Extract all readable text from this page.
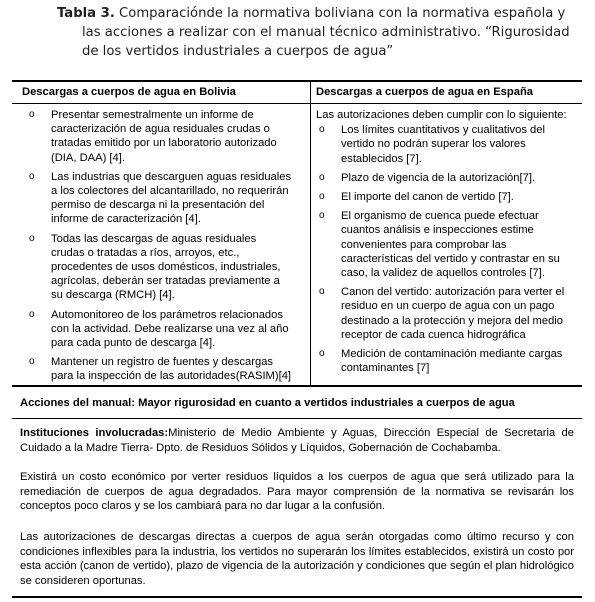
Tabla 3. Comparaciónde la normativa boliviana con la normativa española y
las acciones a realizar con el manual técnico administrativo. “Rigurosidad
de los vertidos industriales a cuerpos de agua”
Descargas a cuerpos de agua en Bolivia	Descargas a cuerpos de agua en España
o Presentar semestralmente un informe de
caracterización de agua residuales crudas o
tratadas emitido por un laboratorio autorizado
(DIA, DAA) [4].
o Las industrias que descarguen aguas residuales
a los colectores del alcantarillado, no requerirán
permiso de descarga ni la presentación del
informe de caracterización [4].
o Todas las descargas de aguas residuales
crudas o tratadas a ríos, arroyos, etc.,
procedentes de usos domésticos, industriales,
agrícolas, deberán ser tratadas previamente a
su descarga (RMCH) [4].
o Automonitoreo de los parámetros relacionados
con la actividad. Debe realizarse una vez al año
para cada punto de descarga [4].
o Mantener un registro de fuentes y descargas
para la inspección de las autoridades(RASIM)[4]
Las autorizaciones deben cumplir con lo siguiente:
o Los límites cuantitativos y cualitativos del
vertido no podrán superar los valores
establecidos [7].
o Plazo de vigencia de la autorización[7].
o El importe del canon de vertido [7].
o El organismo de cuenca puede efectuar
cuantos análisis e inspecciones estime
convenientes para comprobar las
características del vertido y contrastar en su
caso, la validez de aquellos controles [7].
o Canon del vertido: autorización para verter el
residuo en un cuerpo de agua con un pago
destinado a la protección y mejora del medio
receptor de cada cuenca hidrográfica
o Medición de contaminación mediante cargas
contaminantes [7]
Acciones del manual: Mayor rigurosidad en cuanto a vertidos industriales a cuerpos de agua
Instituciones involucradas:Ministerio de Medio Ambiente y Aguas, Dirección Especial de Secretaria de Cuidado a la Madre Tierra- Dpto. de Residuos Sólidos y Líquidos, Gobernación de Cochabamba.
Existirá un costo económico por verter residuos líquidos a los cuerpos de agua que será utilizado para la remediación de cuerpos de agua degradados. Para mayor comprensión de la normativa se revisarán los conceptos poco claros y se los cambiará para no dar lugar a la confusión.
Las autorizaciones de descargas directas a cuerpos de agua serán otorgadas como último recurso y con condiciones inflexibles para la industria, los vertidos no superarán los límites establecidos, existirá un costo por esta acción (canon de vertido), plazo de vigencia de la autorización y condiciones que según el plan hidrológico se consideren oportunas.
